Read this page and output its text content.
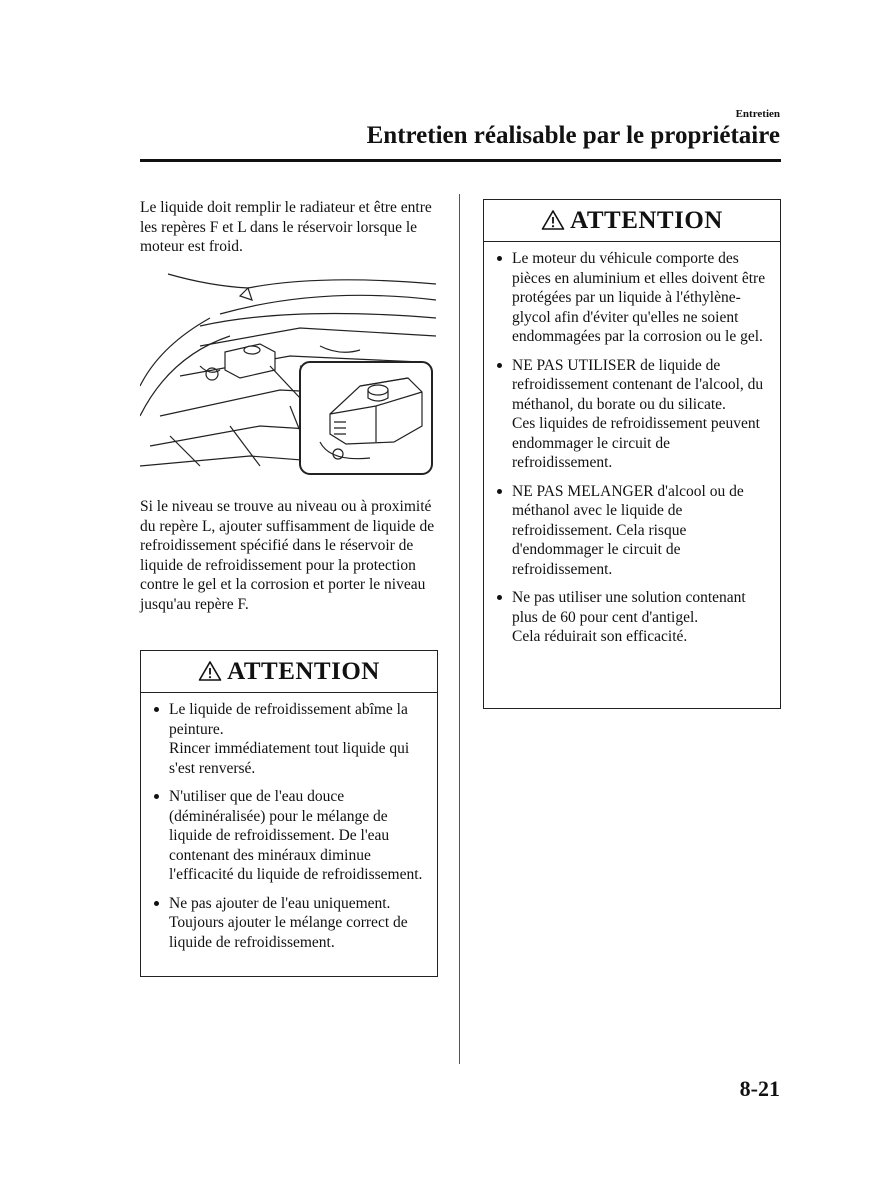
Entretien
Entretien réalisable par le propriétaire
Le liquide doit remplir le radiateur et être entre les repères F et L dans le réservoir lorsque le moteur est froid.
Si le niveau se trouve au niveau ou à proximité du repère L, ajouter suffisamment de liquide de refroidissement spécifié dans le réservoir de liquide de refroidissement pour la protection contre le gel et la corrosion et porter le niveau jusqu'au repère F.
ATTENTION
Le liquide de refroidissement abîme la peinture.
Rincer immédiatement tout liquide qui s'est renversé.
N'utiliser que de l'eau douce (déminéralisée) pour le mélange de liquide de refroidissement. De l'eau contenant des minéraux diminue l'efficacité du liquide de refroidissement.
Ne pas ajouter de l'eau uniquement. Toujours ajouter le mélange correct de liquide de refroidissement.
ATTENTION
Le moteur du véhicule comporte des pièces en aluminium et elles doivent être protégées par un liquide à l'éthylène-glycol afin d'éviter qu'elles ne soient endommagées par la corrosion ou le gel.
NE PAS UTILISER de liquide de refroidissement contenant de l'alcool, du méthanol, du borate ou du silicate.
Ces liquides de refroidissement peuvent endommager le circuit de refroidissement.
NE PAS MELANGER d'alcool ou de méthanol avec le liquide de refroidissement. Cela risque d'endommager le circuit de refroidissement.
Ne pas utiliser une solution contenant plus de 60 pour cent d'antigel.
Cela réduirait son efficacité.
8-21
